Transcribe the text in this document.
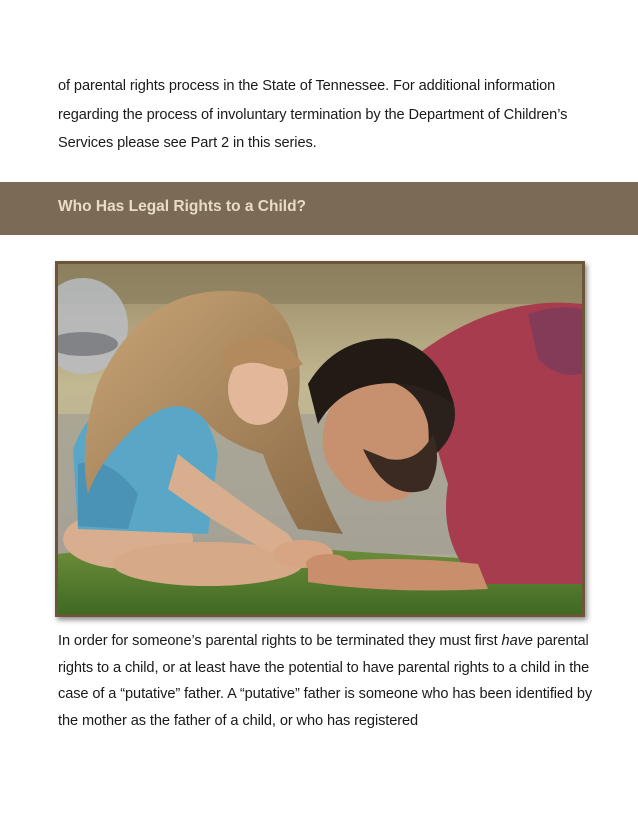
of parental rights process in the State of Tennessee. For additional information regarding the process of involuntary termination by the Department of Children’s Services please see Part 2 in this series.

Who Has Legal Rights to a Child?

In order for someone’s parental rights to be terminated they must first have parental rights to a child, or at least have the potential to have parental rights to a child in the case of a “putative” father. A “putative” father is someone who has been identified by the mother as the father of a child, or who has registered
